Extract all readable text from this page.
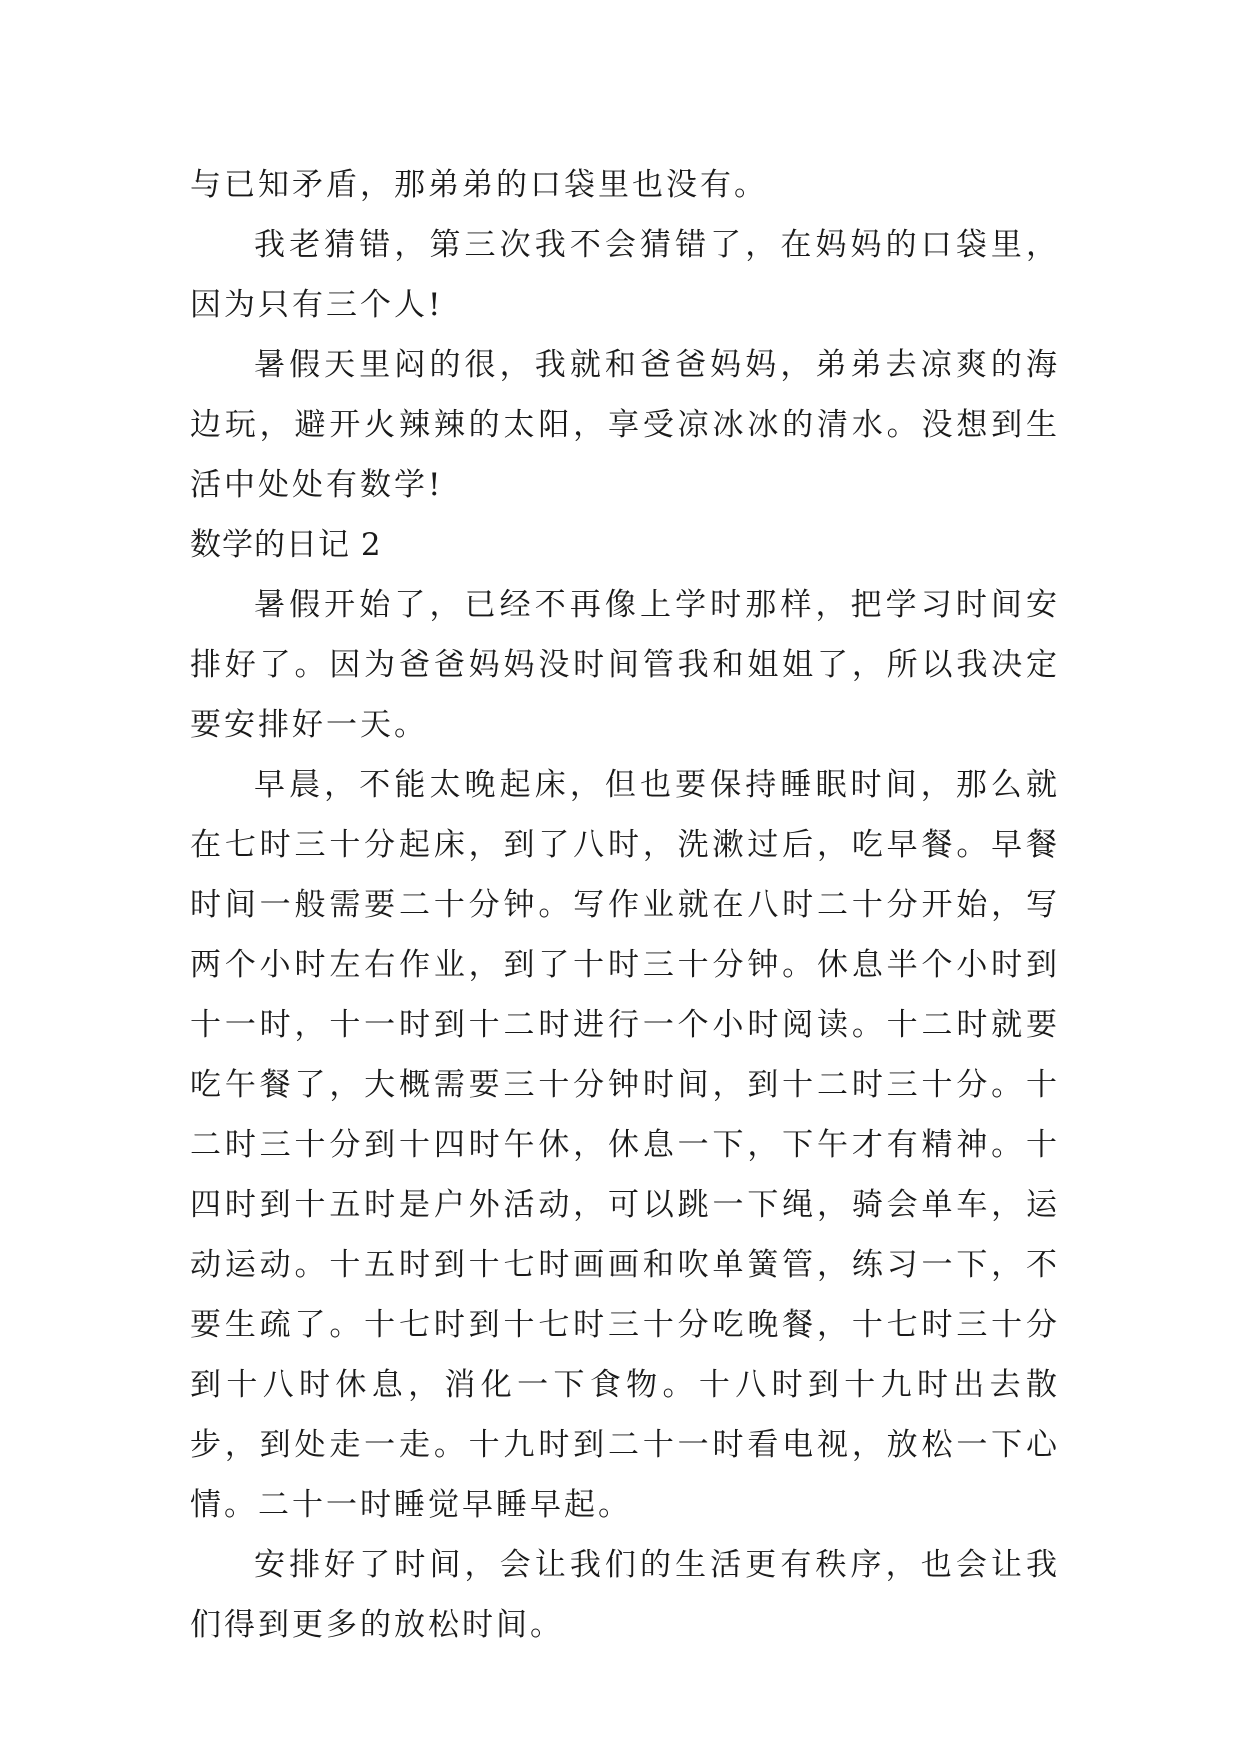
与已知矛盾，那弟弟的口袋里也没有。

我老猜错，第三次我不会猜错了，在妈妈的口袋里，因为只有三个人!

暑假天里闷的很，我就和爸爸妈妈，弟弟去凉爽的海边玩，避开火辣辣的太阳，享受凉冰冰的清水。没想到生活中处处有数学!

数学的日记 2

暑假开始了，已经不再像上学时那样，把学习时间安排好了。因为爸爸妈妈没时间管我和姐姐了，所以我决定要安排好一天。

早晨，不能太晚起床，但也要保持睡眠时间，那么就在七时三十分起床，到了八时，洗漱过后，吃早餐。早餐时间一般需要二十分钟。写作业就在八时二十分开始，写两个小时左右作业，到了十时三十分钟。休息半个小时到十一时，十一时到十二时进行一个小时阅读。十二时就要吃午餐了，大概需要三十分钟时间，到十二时三十分。十二时三十分到十四时午休，休息一下，下午才有精神。十四时到十五时是户外活动，可以跳一下绳，骑会单车，运动运动。十五时到十七时画画和吹单簧管，练习一下，不要生疏了。十七时到十七时三十分吃晚餐，十七时三十分到十八时休息，消化一下食物。十八时到十九时出去散步，到处走一走。十九时到二十一时看电视，放松一下心情。二十一时睡觉早睡早起。

安排好了时间，会让我们的生活更有秩序，也会让我们得到更多的放松时间。
